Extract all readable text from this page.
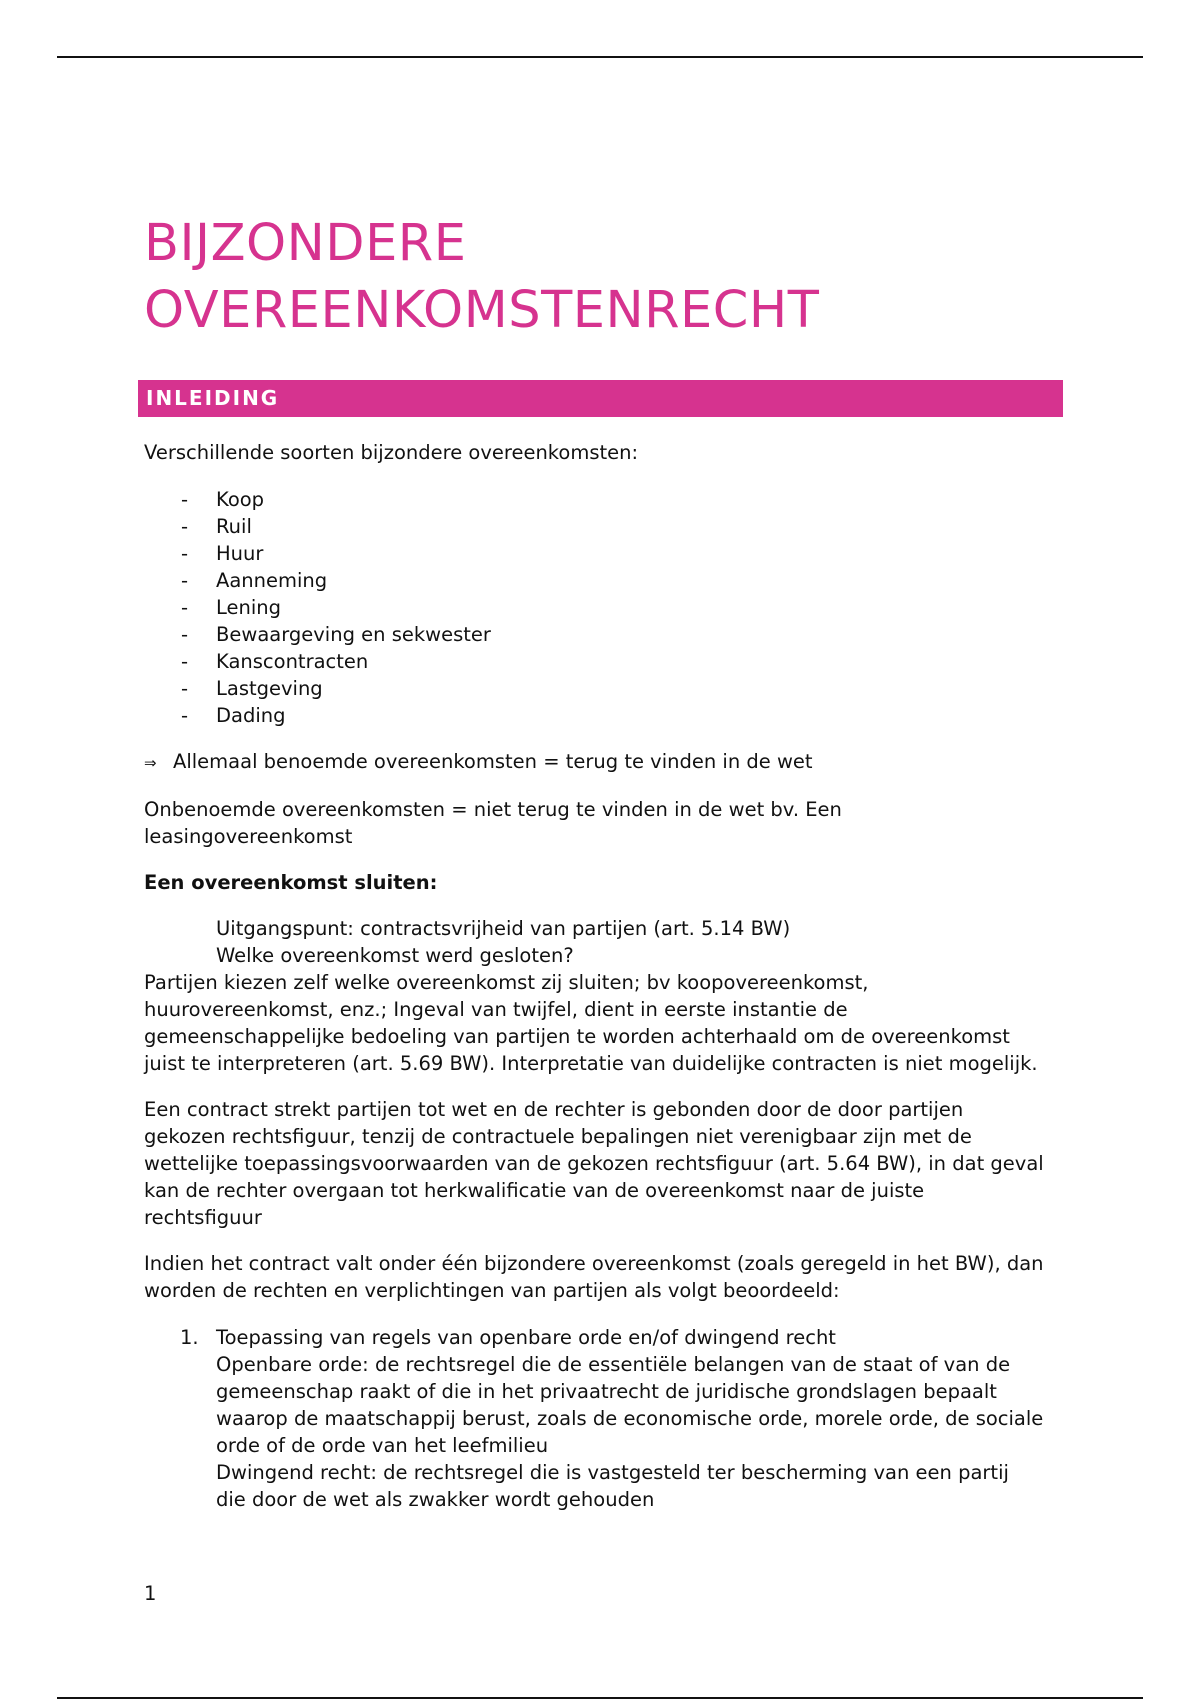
BIJZONDERE
OVEREENKOMSTENRECHT
INLEIDING

Verschillende soorten bijzondere overeenkomsten:

- Koop
- Ruil
- Huur
- Aanneming
- Lening
- Bewaargeving en sekwester
- Kanscontracten
- Lastgeving
- Dading

⇒ Allemaal benoemde overeenkomsten = terug te vinden in de wet

Onbenoemde overeenkomsten = niet terug te vinden in de wet bv. Een leasingovereenkomst

Een overeenkomst sluiten:

Uitgangspunt: contractsvrijheid van partijen (art. 5.14 BW)

Welke overeenkomst werd gesloten?

Partijen kiezen zelf welke overeenkomst zij sluiten; bv koopovereenkomst, huurovereenkomst, enz.; Ingeval van twijfel, dient in eerste instantie de gemeenschappelijke bedoeling van partijen te worden achterhaald om de overeenkomst juist te interpreteren (art. 5.69 BW). Interpretatie van duidelijke contracten is niet mogelijk.

Een contract strekt partijen tot wet en de rechter is gebonden door de door partijen gekozen rechtsfiguur, tenzij de contractuele bepalingen niet verenigbaar zijn met de wettelijke toepassingsvoorwaarden van de gekozen rechtsfiguur (art. 5.64 BW), in dat geval kan de rechter overgaan tot herkwalificatie van de overeenkomst naar de juiste rechtsfiguur

Indien het contract valt onder één bijzondere overeenkomst (zoals geregeld in het BW), dan worden de rechten en verplichtingen van partijen als volgt beoordeeld:

1. Toepassing van regels van openbare orde en/of dwingend recht

Openbare orde: de rechtsregel die de essentiële belangen van de staat of van de gemeenschap raakt of die in het privaatrecht de juridische grondslagen bepaalt waarop de maatschappij berust, zoals de economische orde, morele orde, de sociale orde of de orde van het leefmilieu

Dwingend recht: de rechtsregel die is vastgesteld ter bescherming van een partij die door de wet als zwakker wordt gehouden

1
